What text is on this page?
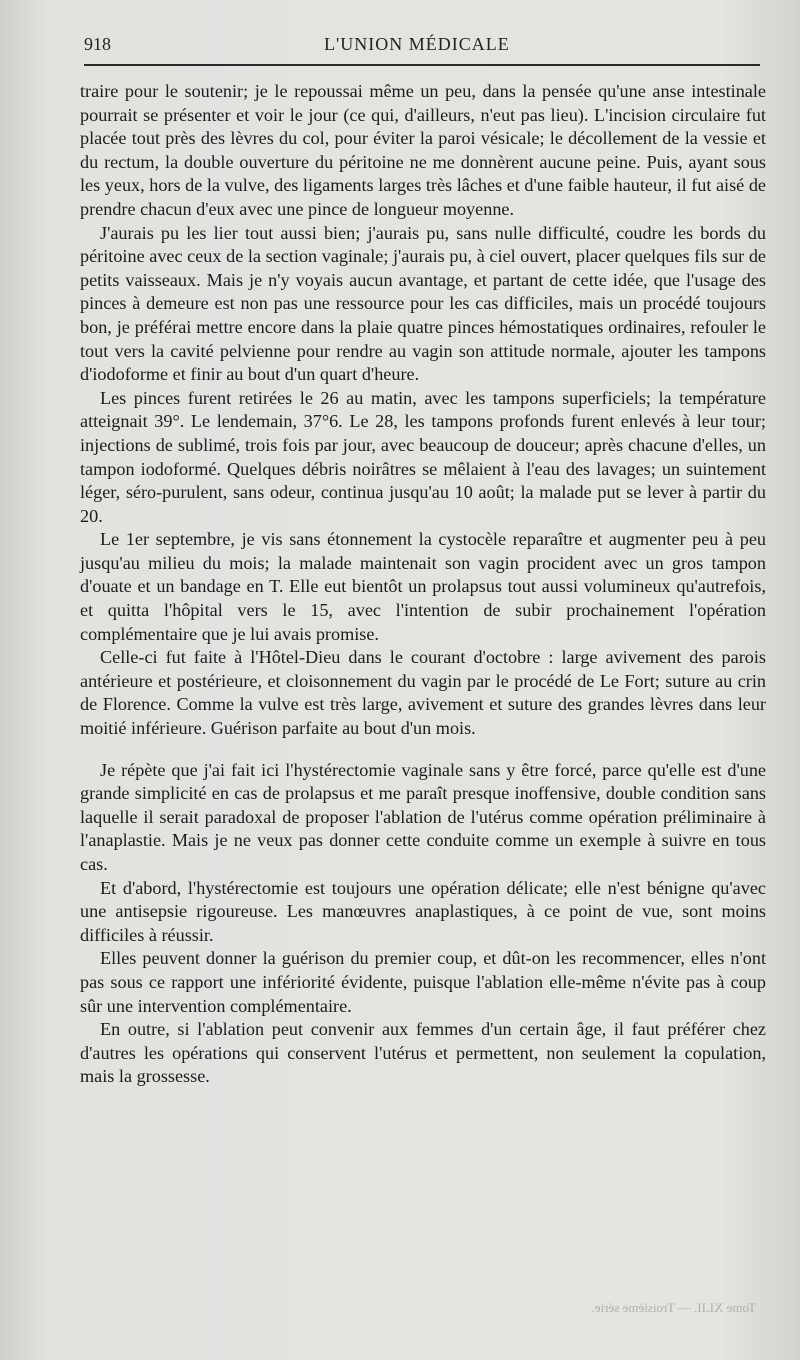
918	L'UNION MÉDICALE

traire pour le soutenir; je le repoussai même un peu, dans la pensée qu'une anse intestinale pourrait se présenter et voir le jour (ce qui, d'ailleurs, n'eut pas lieu). L'incision circulaire fut placée tout près des lèvres du col, pour éviter la paroi vésicale; le décollement de la vessie et du rectum, la double ouverture du péritoine ne me donnèrent aucune peine. Puis, ayant sous les yeux, hors de la vulve, des ligaments larges très lâches et d'une faible hauteur, il fut aisé de prendre chacun d'eux avec une pince de longueur moyenne.

J'aurais pu les lier tout aussi bien; j'aurais pu, sans nulle difficulté, coudre les bords du péritoine avec ceux de la section vaginale; j'aurais pu, à ciel ouvert, placer quelques fils sur de petits vaisseaux. Mais je n'y voyais aucun avantage, et partant de cette idée, que l'usage des pinces à demeure est non pas une ressource pour les cas difficiles, mais un procédé toujours bon, je préférai mettre encore dans la plaie quatre pinces hémostatiques ordinaires, refouler le tout vers la cavité pelvienne pour rendre au vagin son attitude normale, ajouter les tampons d'iodoforme et finir au bout d'un quart d'heure.

Les pinces furent retirées le 26 au matin, avec les tampons superficiels; la température atteignait 39°. Le lendemain, 37°6. Le 28, les tampons profonds furent enlevés à leur tour; injections de sublimé, trois fois par jour, avec beaucoup de douceur; après chacune d'elles, un tampon iodoformé. Quelques débris noirâtres se mêlaient à l'eau des lavages; un suintement léger, séro-purulent, sans odeur, continua jusqu'au 10 août; la malade put se lever à partir du 20.

Le 1er septembre, je vis sans étonnement la cystocèle reparaître et augmenter peu à peu jusqu'au milieu du mois; la malade maintenait son vagin procident avec un gros tampon d'ouate et un bandage en T. Elle eut bientôt un prolapsus tout aussi volumineux qu'autrefois, et quitta l'hôpital vers le 15, avec l'intention de subir prochainement l'opération complémentaire que je lui avais promise.

Celle-ci fut faite à l'Hôtel-Dieu dans le courant d'octobre : large avivement des parois antérieure et postérieure, et cloisonnement du vagin par le procédé de Le Fort; suture au crin de Florence. Comme la vulve est très large, avivement et suture des grandes lèvres dans leur moitié inférieure. Guérison parfaite au bout d'un mois.

Je répète que j'ai fait ici l'hystérectomie vaginale sans y être forcé, parce qu'elle est d'une grande simplicité en cas de prolapsus et me paraît presque inoffensive, double condition sans laquelle il serait paradoxal de proposer l'ablation de l'utérus comme opération préliminaire à l'anaplastie. Mais je ne veux pas donner cette conduite comme un exemple à suivre en tous cas.

Et d'abord, l'hystérectomie est toujours une opération délicate; elle n'est bénigne qu'avec une antisepsie rigoureuse. Les manœuvres anaplastiques, à ce point de vue, sont moins difficiles à réussir.

Elles peuvent donner la guérison du premier coup, et dût-on les recommencer, elles n'ont pas sous ce rapport une infériorité évidente, puisque l'ablation elle-même n'évite pas à coup sûr une intervention complémentaire.

En outre, si l'ablation peut convenir aux femmes d'un certain âge, il faut préférer chez d'autres les opérations qui conservent l'utérus et permettent, non seulement la copulation, mais la grossesse.

Tome XLII. — Troisième série.
